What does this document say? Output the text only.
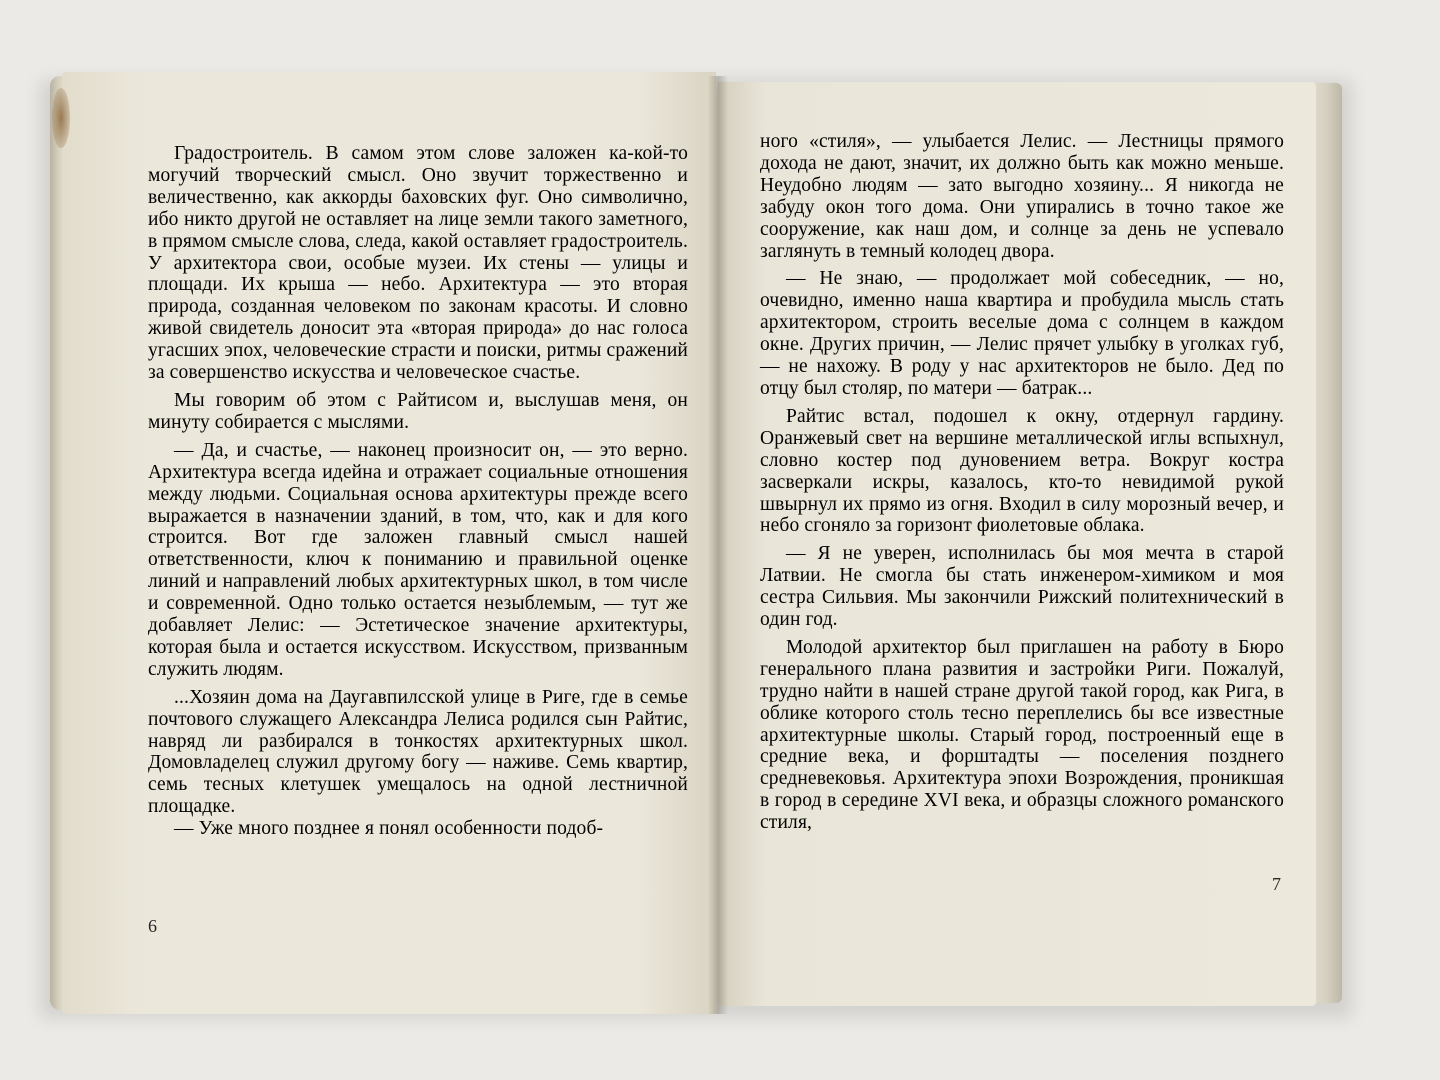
Градостроитель. В самом этом слове заложен ка-кой-то могучий творческий смысл. Оно звучит торжественно и величественно, как аккорды баховских фуг. Оно символично, ибо никто другой не оставляет на лице земли такого заметного, в прямом смысле слова, следа, какой оставляет градостроитель. У архитектора свои, особые музеи. Их стены — улицы и площади. Их крыша — небо. Архитектура — это вторая природа, созданная человеком по законам красоты. И словно живой свидетель доносит эта «вторая природа» до нас голоса угасших эпох, человеческие страсти и поиски, ритмы сражений за совершенство искусства и человеческое счастье.

Мы говорим об этом с Райтисом и, выслушав меня, он минуту собирается с мыслями.

— Да, и счастье, — наконец произносит он, — это верно. Архитектура всегда идейна и отражает социальные отношения между людьми. Социальная основа архитектуры прежде всего выражается в назначении зданий, в том, что, как и для кого строится. Вот где заложен главный смысл нашей ответственности, ключ к пониманию и правильной оценке линий и направлений любых архитектурных школ, в том числе и современной. Одно только остается незыблемым, — тут же добавляет Лелис: — Эстетическое значение архитектуры, которая была и остается искусством. Искусством, призванным служить людям.

...Хозяин дома на Даугавпилсской улице в Риге, где в семье почтового служащего Александра Лелиса родился сын Райтис, навряд ли разбирался в тонкостях архитектурных школ. Домовладелец служил другому богу — наживе. Семь квартир, семь тесных клетушек умещалось на одной лестничной площадке.

— Уже много позднее я понял особенности подоб-

6

ного «стиля», — улыбается Лелис. — Лестницы прямого дохода не дают, значит, их должно быть как можно меньше. Неудобно людям — зато выгодно хозяину... Я никогда не забуду окон того дома. Они упирались в точно такое же сооружение, как наш дом, и солнце за день не успевало заглянуть в темный колодец двора.

— Не знаю, — продолжает мой собеседник, — но, очевидно, именно наша квартира и пробудила мысль стать архитектором, строить веселые дома с солнцем в каждом окне. Других причин, — Лелис прячет улыбку в уголках губ, — не нахожу. В роду у нас архитекторов не было. Дед по отцу был столяр, по матери — батрак...

Райтис встал, подошел к окну, отдернул гардину. Оранжевый свет на вершине металлической иглы вспыхнул, словно костер под дуновением ветра. Вокруг костра засверкали искры, казалось, кто-то невидимой рукой швырнул их прямо из огня. Входил в силу морозный вечер, и небо сгоняло за горизонт фиолетовые облака.

— Я не уверен, исполнилась бы моя мечта в старой Латвии. Не смогла бы стать инженером-химиком и моя сестра Сильвия. Мы закончили Рижский политехнический в один год.

Молодой архитектор был приглашен на работу в Бюро генерального плана развития и застройки Риги. Пожалуй, трудно найти в нашей стране другой такой город, как Рига, в облике которого столь тесно переплелись бы все известные архитектурные школы. Старый город, построенный еще в средние века, и форштадты — поселения позднего средневековья. Архитектура эпохи Возрождения, проникшая в город в середине XVI века, и образцы сложного романского стиля,

7
